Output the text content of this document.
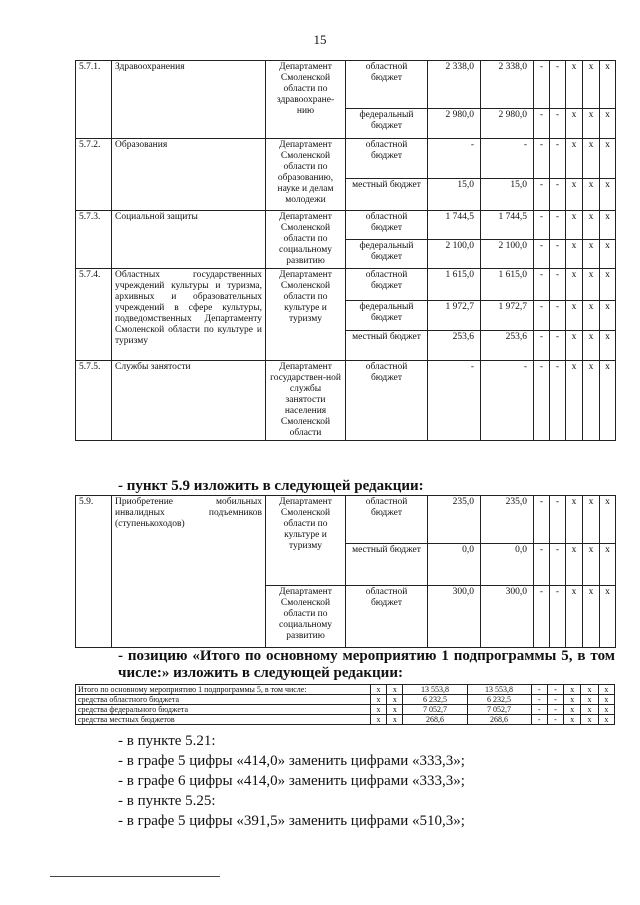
15
5.7.1.	Здравоохранения	Департамент Смоленской области по здравоохране-нию	областной бюджет	2 338,0	2 338,0	-	-	х	х	х
			федеральный бюджет	2 980,0	2 980,0	-	-	х	х	х
5.7.2.	Образования	Департамент Смоленской области по образованию, науке и делам молодежи	областной бюджет	-	-	-	-	х	х	х
			местный бюджет	15,0	15,0	-	-	х	х	х
5.7.3.	Социальной защиты	Департамент Смоленской области по социальному развитию	областной бюджет	1 744,5	1 744,5	-	-	х	х	х
			федеральный бюджет	2 100,0	2 100,0	-	-	х	х	х
5.7.4.	Областных государственных учреждений культуры и туризма, архивных и образовательных учреждений в сфере культуры, подведомственных Департаменту Смоленской области по культуре и туризму	Департамент Смоленской области по культуре и туризму	областной бюджет	1 615,0	1 615,0	-	-	х	х	х
			федеральный бюджет	1 972,7	1 972,7	-	-	х	х	х
			местный бюджет	253,6	253,6	-	-	х	х	х
5.7.5.	Службы занятости	Департамент государствен-ной службы занятости населения Смоленской области	областной бюджет	-	-	-	-	х	х	х
- пункт 5.9 изложить в следующей редакции:
5.9.	Приобретение мобильных инвалидных подъемников (ступенькоходов)	Департамент Смоленской области по культуре и туризму	областной бюджет	235,0	235,0	-	-	х	х	х
			местный бюджет	0,0	0,0	-	-	х	х	х
		Департамент Смоленской области по социальному развитию	областной бюджет	300,0	300,0	-	-	х	х	х
- позицию «Итого по основному мероприятию 1 подпрограммы 5, в том числе:» изложить в следующей редакции:
Итого по основному мероприятию 1 подпрограммы 5, в том числе:	х	х	13 553,8	13 553,8	-	-	х	х	х
средства областного бюджета	х	х	6 232,5	6 232,5	-	-	х	х	х
средства федерального бюджета	х	х	7 052,7	7 052,7	-	-	х	х	х
средства местных бюджетов	х	х	268,6	268,6	-	-	х	х	х
- в пункте 5.21:
- в графе 5 цифры «414,0» заменить цифрами «333,3»;
- в графе 6 цифры «414,0» заменить цифрами «333,3»;
- в пункте 5.25:
- в графе 5 цифры «391,5» заменить цифрами «510,3»;
